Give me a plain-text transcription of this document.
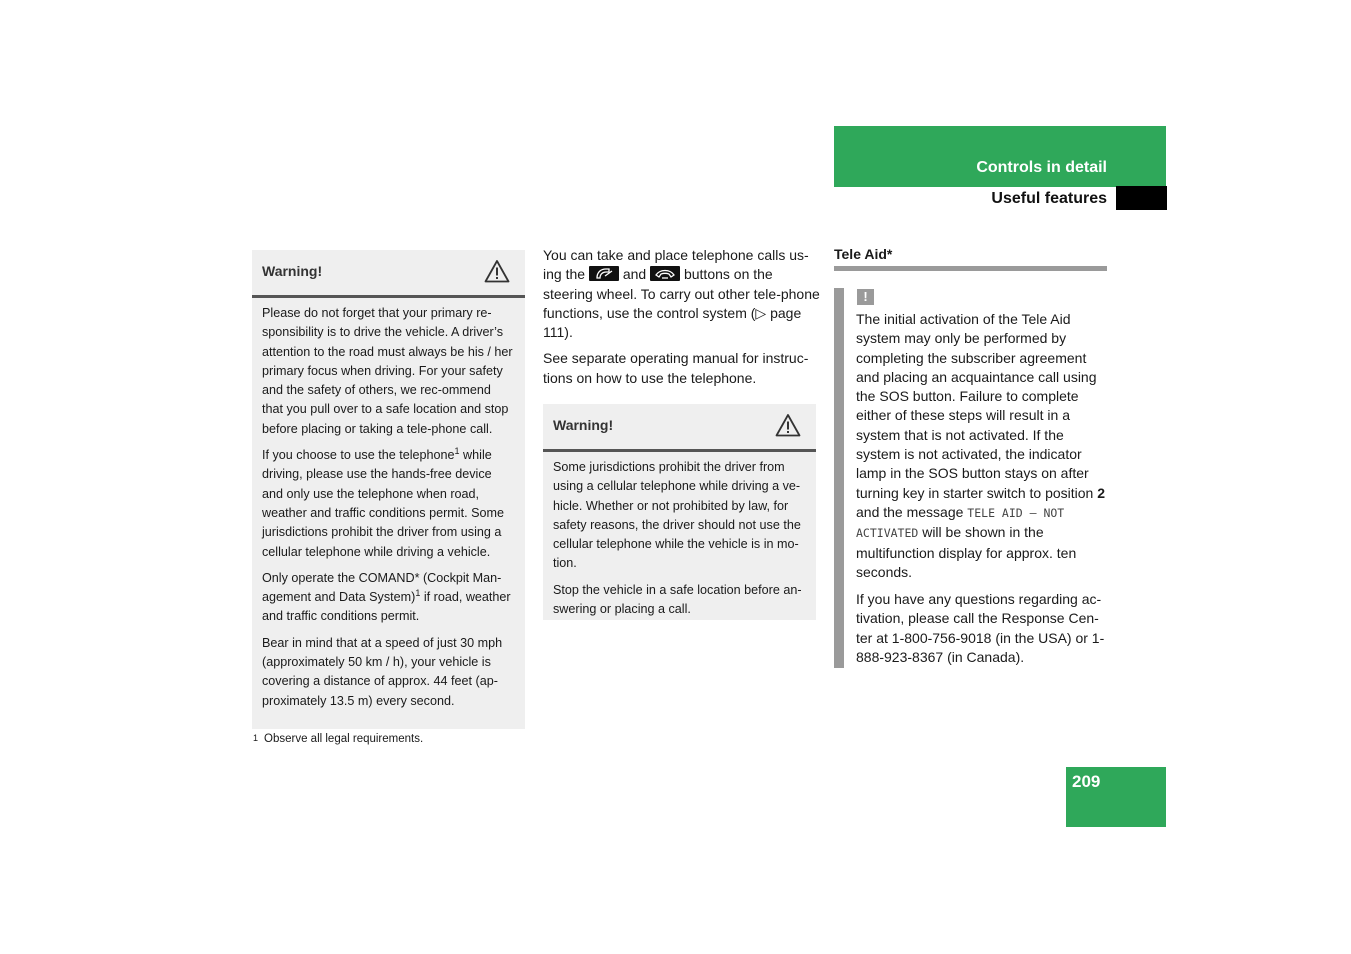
Controls in detail
Useful features
Warning!

Please do not forget that your primary re-sponsibility is to drive the vehicle. A driver’s attention to the road must always be his / her primary focus when driving. For your safety and the safety of others, we rec-ommend that you pull over to a safe location and stop before placing or taking a tele-phone call.

If you choose to use the telephone$^1$ while driving, please use the hands-free device and only use the telephone when road, weather and traffic conditions permit. Some jurisdictions prohibit the driver from using a cellular telephone while driving a vehicle.

Only operate the COMAND* (Cockpit Man-agement and Data System)$^1$ if road, weather and traffic conditions permit.

Bear in mind that at a speed of just 30 mph (approximately 50 km / h), your vehicle is covering a distance of approx. 44 feet (ap-proximately 13.5 m) every second.

$^1$ Observe all legal requirements.

You can take and place telephone calls us-ing the	and	buttons on the steering wheel. To carry out other tele-phone functions, use the control system (▷ page 111).

See separate operating manual for instruc-tions on how to use the telephone.

Warning!

Some jurisdictions prohibit the driver from using a cellular telephone while driving a ve-hicle. Whether or not prohibited by law, for safety reasons, the driver should not use the cellular telephone while the vehicle is in mo-tion.

Stop the vehicle in a safe location before an-swering or placing a call.

Tele Aid*
!

The initial activation of the Tele Aid system may only be performed by completing the subscriber agreement and placing an acquaintance call using the SOS button. Failure to complete either of these steps will result in a system that is not activated. If the system is not activated, the indicator lamp in the SOS button stays on after turning key in starter switch to position 2 and the message TELE AID – NOT ACTIVATED will be shown in the multifunction display for approx. ten seconds.

If you have any questions regarding ac-tivation, please call the Response Cen-ter at 1-800-756-9018 (in the USA) or 1-888-923-8367 (in Canada).

209
